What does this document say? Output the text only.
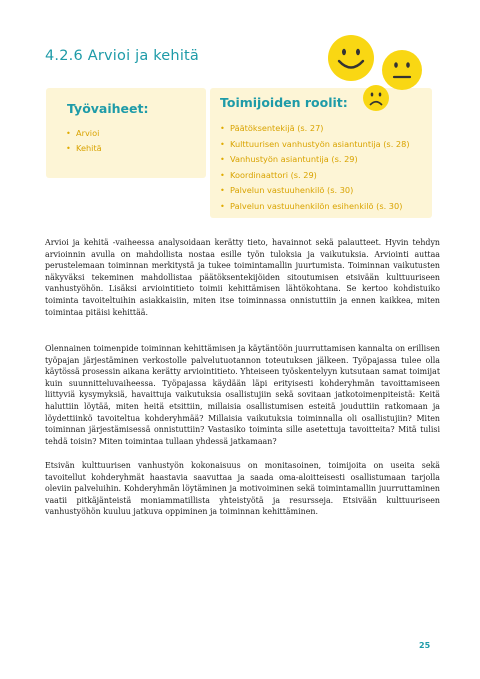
4.2.6 Arvioi ja kehitä
Työvaiheet:
• Arvioi
• Kehitä
Toimijoiden roolit:
• Päätöksentekijä (s. 27)
• Kulttuurisen vanhustyön asiantuntija (s. 28)
• Vanhustyön asiantuntija (s. 29)
• Koordinaattori (s. 29)
• Palvelun vastuuhenkilö (s. 30)
• Palvelun vastuuhenkilön esihenkilö (s. 30)

Arvioi ja kehitä -vaiheessa analysoidaan kerätty tieto, havainnot sekä palautteet. Hyvin tehdyn arvioinnin avulla on mahdollista nostaa esille työn tuloksia ja vaikutuksia. Arviointi auttaa perustelemaan toiminnan merkitystä ja tukee toimintamallin juurtumista. Toiminnan vaikutusten näkyväksi tekeminen mahdollistaa päätöksentekijöiden sitoutumisen etsivään kulttuuriseen vanhustyöhön. Lisäksi arviointitieto toimii kehittämisen lähtökohtana. Se kertoo kohdistuiko toiminta tavoiteltuihin asiakkaisiin, miten itse toiminnassa onnistuttiin ja ennen kaikkea, miten toimintaa pitäisi kehittää.

Olennainen toimenpide toiminnan kehittämisen ja käytäntöön juurruttamisen kannalta on erillisen työpajan järjestäminen verkostolle palvelutuotannon toteutuksen jälkeen. Työpajassa tulee olla käytössä prosessin aikana kerätty arviointitieto. Yhteiseen työskentelyyn kutsutaan samat toimijat kuin suunnitteluvaiheessa. Työpajassa käydään läpi erityisesti kohderyhmän tavoittamiseen liittyviä kysymyksiä, havaittuja vaikutuksia osallistujiin sekä sovitaan jatkotoimenpiteistä: Keitä haluttiin löytää, miten heitä etsittiin, millaisia osallistumisen esteitä jouduttiin ratkomaan ja löydettiinkö tavoiteltua kohderyhmää? Millaisia vaikutuksia toiminnalla oli osallistujiin? Miten toiminnan järjestämisessä onnistuttiin? Vastasiko toiminta sille asetettuja tavoitteita? Mitä tulisi tehdä toisin? Miten toimintaa tullaan yhdessä jatkamaan?

Etsivän kulttuurisen vanhustyön kokonaisuus on monitasoinen, toimijoita on useita sekä tavoitellut kohderyhmät haastavia saavuttaa ja saada oma-aloitteisesti osallistumaan tarjolla oleviin palveluihin. Kohderyhmän löytäminen ja motivoiminen sekä toimintamallin juurruttaminen vaatii pitkäjänteistä moniammatillista yhteistyötä ja resursseja. Etsivään kulttuuriseen vanhustyöhön kuuluu jatkuva oppiminen ja toiminnan kehittäminen.

25
